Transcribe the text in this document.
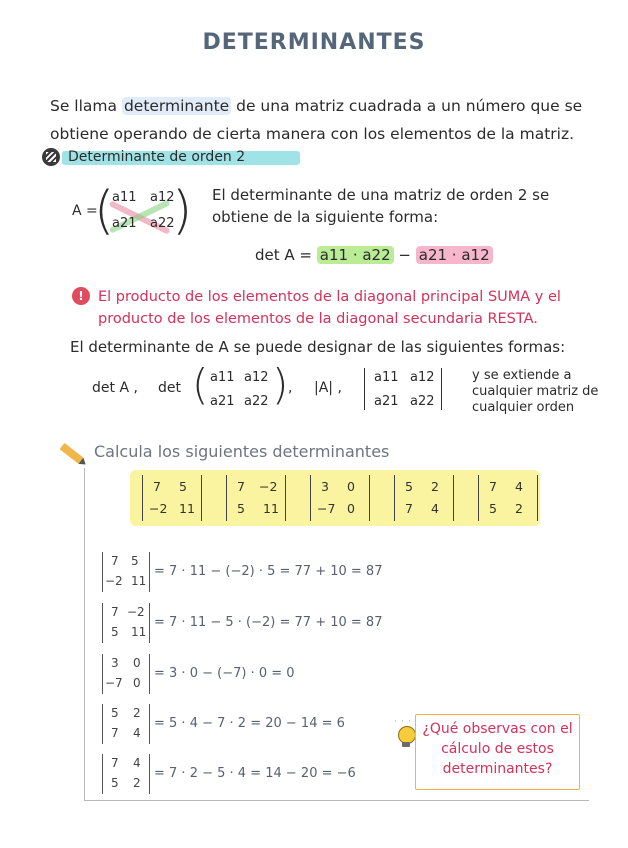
DETERMINANTES
Se llama determinante de una matriz cuadrada a un número que se obtiene operando de cierta manera con los elementos de la matriz.
Determinante de orden 2
A =
( )
a11 a12
a21 a22
El determinante de una matriz de orden 2 se obtiene de la siguiente forma:
det A = a11 · a22 − a21 · a12
! El producto de los elementos de la diagonal principal SUMA y el producto de los elementos de la diagonal secundaria RESTA.
El determinante de A se puede designar de las siguientes formas:
det A , det ( a11 a12
a21 a22 ) , |A| ,
a11 a12
a21 a22
y se extiende a cualquier matriz de cualquier orden
Calcula los siguientes determinantes
7 5
−2 11
7 −2
5 11
3 0
−7 0
5 2
7 4
7 4
5 2
7 5
−2 11
= 7 · 11 − (−2) · 5 = 77 + 10 = 87
7 −2
5 11
= 7 · 11 − 5 · (−2) = 77 + 10 = 87
3 0
−7 0
= 3 · 0 − (−7) · 0 = 0
5 2
7 4
= 5 · 4 − 7 · 2 = 20 − 14 = 6
7 4
5 2
= 7 · 2 − 5 · 4 = 14 − 20 = −6
· · · ¿Qué observas con el cálculo de estos determinantes?
